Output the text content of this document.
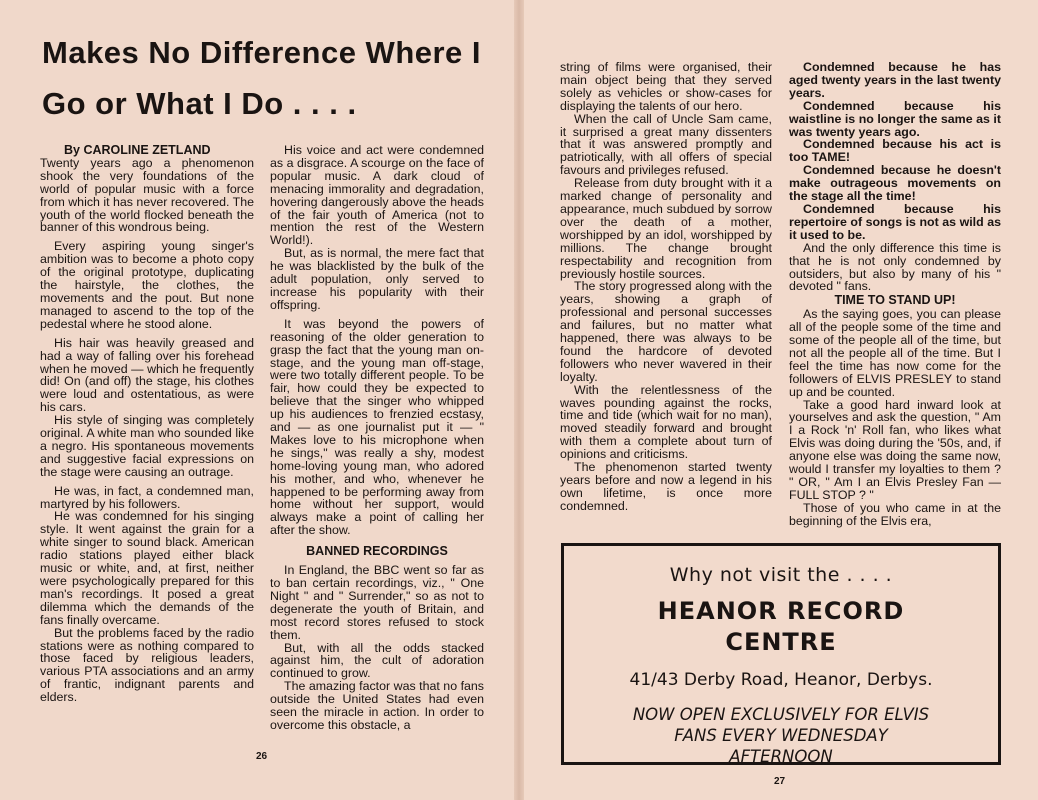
Makes No Difference Where I
Go or What I Do . . . .

By CAROLINE ZETLAND

Twenty years ago a phenomenon shook the very foundations of the world of popular music with a force from which it has never recovered. The youth of the world flocked beneath the banner of this wondrous being.

Every aspiring young singer's ambition was to become a photo copy of the original prototype, duplicating the hairstyle, the clothes, the movements and the pout. But none managed to ascend to the top of the pedestal where he stood alone.

His hair was heavily greased and had a way of falling over his forehead when he moved — which he frequently did! On (and off) the stage, his clothes were loud and ostentatious, as were his cars.

His style of singing was completely original. A white man who sounded like a negro. His spontaneous movements and suggestive facial expressions on the stage were causing an outrage.

He was, in fact, a condemned man, martyred by his followers.

He was condemned for his singing style. It went against the grain for a white singer to sound black. American radio stations played either black music or white, and, at first, neither were psychologically prepared for this man's recordings. It posed a great dilemma which the demands of the fans finally overcame.

But the problems faced by the radio stations were as nothing compared to those faced by religious leaders, various PTA associations and an army of frantic, indignant parents and elders.

His voice and act were condemned as a disgrace. A scourge on the face of popular music. A dark cloud of menacing immorality and degradation, hovering dangerously above the heads of the fair youth of America (not to mention the rest of the Western World!).

But, as is normal, the mere fact that he was blacklisted by the bulk of the adult population, only served to increase his popularity with their offspring.

It was beyond the powers of reasoning of the older generation to grasp the fact that the young man on-stage, and the young man off-stage, were two totally different people. To be fair, how could they be expected to believe that the singer who whipped up his audiences to frenzied ecstasy, and — as one journalist put it — " Makes love to his microphone when he sings," was really a shy, modest home-loving young man, who adored his mother, and who, whenever he happened to be performing away from home without her support, would always make a point of calling her after the show.

BANNED RECORDINGS

In England, the BBC went so far as to ban certain recordings, viz., " One Night " and " Surrender," so as not to degenerate the youth of Britain, and most record stores refused to stock them.

But, with all the odds stacked against him, the cult of adoration continued to grow.

The amazing factor was that no fans outside the United States had even seen the miracle in action. In order to overcome this obstacle, a

26

string of films were organised, their main object being that they served solely as vehicles or show-cases for displaying the talents of our hero.

When the call of Uncle Sam came, it surprised a great many dissenters that it was answered promptly and patriotically, with all offers of special favours and privileges refused.

Release from duty brought with it a marked change of personality and appearance, much subdued by sorrow over the death of a mother, worshipped by an idol, worshipped by millions. The change brought respectability and recognition from previously hostile sources.

The story progressed along with the years, showing a graph of professional and personal successes and failures, but no matter what happened, there was always to be found the hardcore of devoted followers who never wavered in their loyalty.

With the relentlessness of the waves pounding against the rocks, time and tide (which wait for no man), moved steadily forward and brought with them a complete about turn of opinions and criticisms.

The phenomenon started twenty years before and now a legend in his own lifetime, is once more condemned.

Condemned because he has aged twenty years in the last twenty years.

Condemned because his waistline is no longer the same as it was twenty years ago.

Condemned because his act is too TAME!

Condemned because he doesn't make outrageous movements on the stage all the time!

Condemned because his repertoire of songs is not as wild as it used to be.

And the only difference this time is that he is not only condemned by outsiders, but also by many of his " devoted " fans.

TIME TO STAND UP!

As the saying goes, you can please all of the people some of the time and some of the people all of the time, but not all the people all of the time. But I feel the time has now come for the followers of ELVIS PRESLEY to stand up and be counted.

Take a good hard inward look at yourselves and ask the question, " Am I a Rock 'n' Roll fan, who likes what Elvis was doing during the '50s, and, if anyone else was doing the same now, would I transfer my loyalties to them ? " OR, " Am I an Elvis Presley Fan — FULL STOP ? "

Those of you who came in at the beginning of the Elvis era,

Why not visit the . . . .
HEANOR RECORD
CENTRE
41/43 Derby Road, Heanor, Derbys.
NOW OPEN EXCLUSIVELY FOR ELVIS
FANS EVERY WEDNESDAY
AFTERNOON
27
